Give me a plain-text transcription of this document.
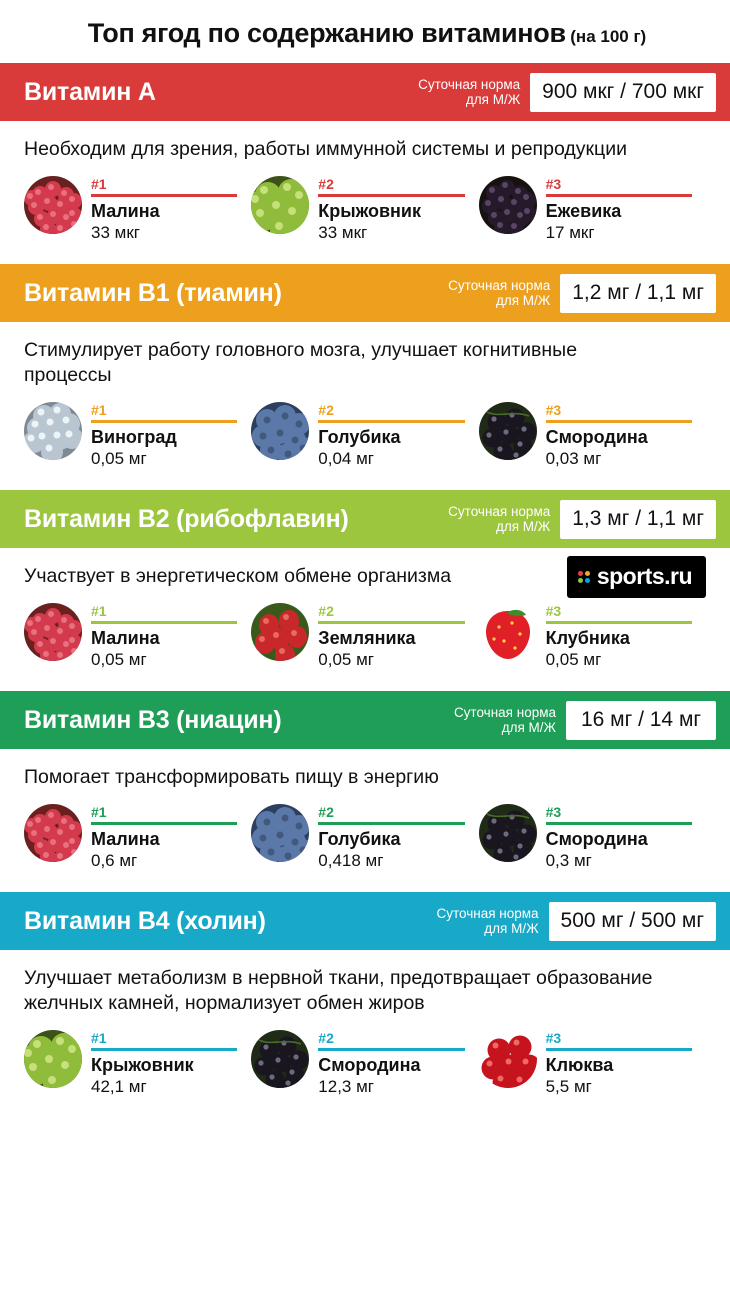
Топ ягод по содержанию витаминов (на 100 г)
Витамин A	Суточная норма
для М/Ж	900 мкг / 700 мкг
Необходим для зрения, работы иммунной системы и репродукции
#1
Малина
33 мкг
#2
Крыжовник
33 мкг
#3
Ежевика
17 мкг
Витамин B1 (тиамин)	Суточная норма
для М/Ж	1,2 мг / 1,1 мг
Стимулирует работу головного мозга, улучшает когнитивные процессы
#1
Виноград
0,05 мг
#2
Голубика
0,04 мг
#3
Смородина
0,03 мг
Витамин B2 (рибофлавин)	Суточная норма
для М/Ж	1,3 мг / 1,1 мг
Участвует в энергетическом обмене организма	sports.ru
#1
Малина
0,05 мг
#2
Земляника
0,05 мг
#3
Клубника
0,05 мг
Витамин B3 (ниацин)	Суточная норма
для М/Ж	16 мг / 14 мг
Помогает трансформировать пищу в энергию
#1
Малина
0,6 мг
#2
Голубика
0,418 мг
#3
Смородина
0,3 мг
Витамин B4 (холин)	Суточная норма
для М/Ж	500 мг / 500 мг
Улучшает метаболизм в нервной ткани, предотвращает образование желчных камней, нормализует обмен жиров
#1
Крыжовник
42,1 мг
#2
Смородина
12,3 мг
#3
Клюква
5,5 мг
